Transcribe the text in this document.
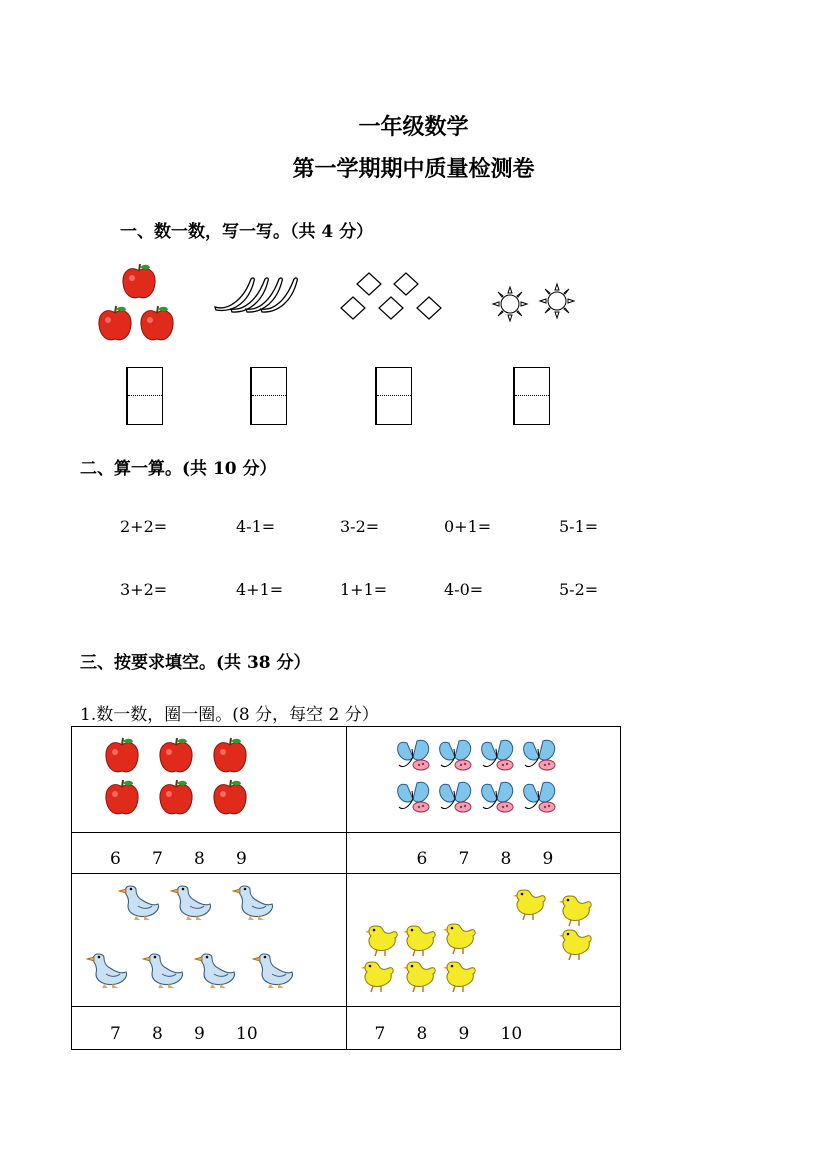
一年级数学
第一学期期中质量检测卷
一、数一数，写一写。（共 4 分）
二、算一算。(共 10 分）
2+2=	4-1=	3-2=	0+1=	5-1=
3+2=	4+1=	1+1=	4-0=	5-2=
三、按要求填空。(共 38 分）
1.数一数，圈一圈。(8 分，每空 2 分）

6 7 8 9	6 7 8 9

7 8 9 10	7 8 9 10
